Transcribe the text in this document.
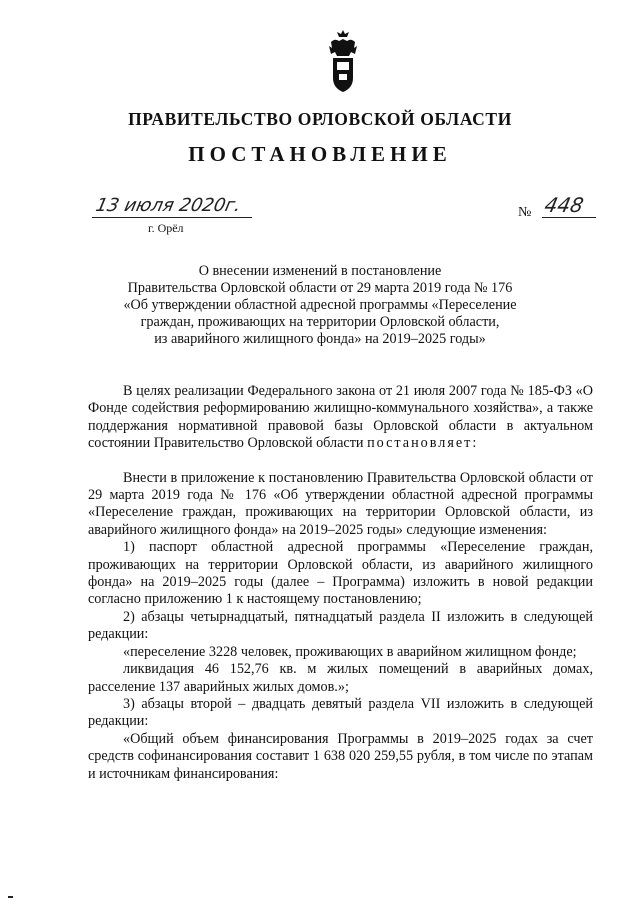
ПРАВИТЕЛЬСТВО ОРЛОВСКОЙ ОБЛАСТИ
ПОСТАНОВЛЕНИЕ
13 июля 2020г.
г. Орёл
№ 448
О внесении изменений в постановление
Правительства Орловской области от 29 марта 2019 года № 176
«Об утверждении областной адресной программы «Переселение
граждан, проживающих на территории Орловской области,
из аварийного жилищного фонда» на 2019–2025 годы»

В целях реализации Федерального закона от 21 июля 2007 года № 185-ФЗ «О Фонде содействия реформированию жилищно-коммунального хозяйства», а также поддержания нормативной правовой базы Орловской области в актуальном состоянии Правительство Орловской области постановляет:

Внести в приложение к постановлению Правительства Орловской области от 29 марта 2019 года № 176 «Об утверждении областной адресной программы «Переселение граждан, проживающих на территории Орловской области, из аварийного жилищного фонда» на 2019–2025 годы» следующие изменения:

1) паспорт областной адресной программы «Переселение граждан, проживающих на территории Орловской области, из аварийного жилищного фонда» на 2019–2025 годы (далее – Программа) изложить в новой редакции согласно приложению 1 к настоящему постановлению;

2) абзацы четырнадцатый, пятнадцатый раздела II изложить в следующей редакции:

«переселение 3228 человек, проживающих в аварийном жилищном фонде;

ликвидация 46 152,76 кв. м жилых помещений в аварийных домах, расселение 137 аварийных жилых домов.»;

3) абзацы второй – двадцать девятый раздела VII изложить в следующей редакции:

«Общий объем финансирования Программы в 2019–2025 годах за счет средств софинансирования составит 1 638 020 259,55 рубля, в том числе по этапам и источникам финансирования:
